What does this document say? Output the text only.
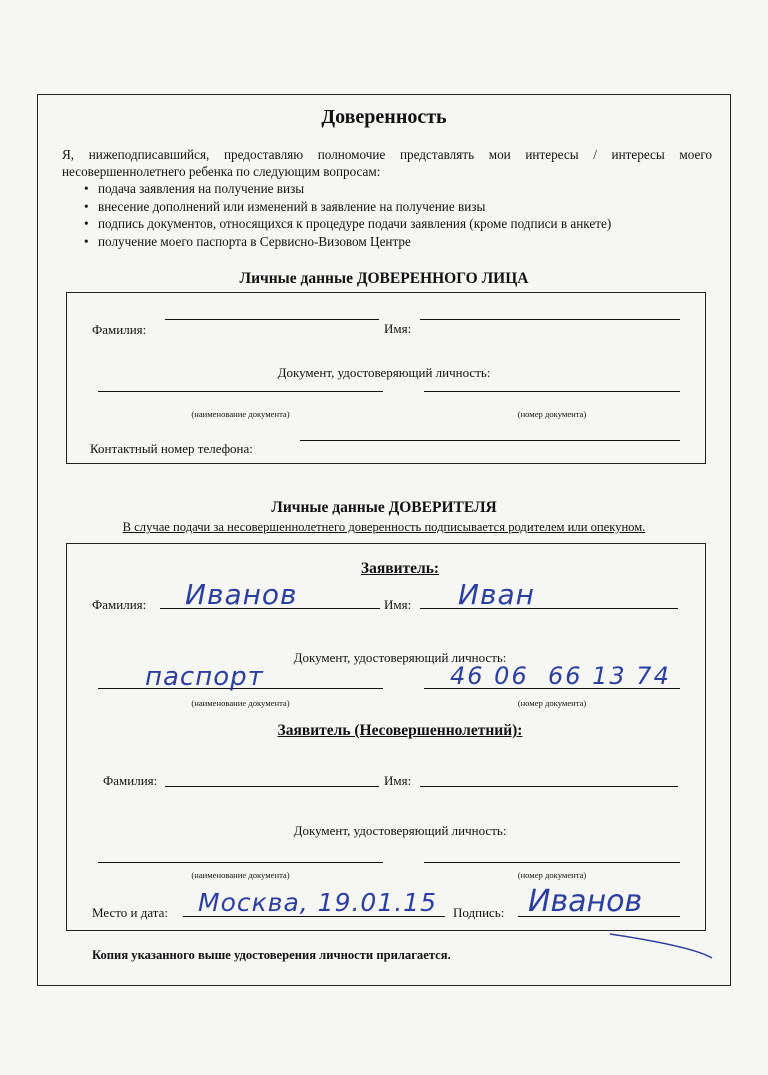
Доверенность

Я, нижеподписавшийся, предоставляю полномочие представлять мои интересы / интересы моего несовершеннолетнего ребенка по следующим вопросам:

• подача заявления на получение визы
• внесение дополнений или изменений в заявление на получение визы
• подпись документов, относящихся к процедуре подачи заявления (кроме подписи в анкете)
• получение моего паспорта в Сервисно-Визовом Центре
Личные данные ДОВЕРЕННОГО ЛИЦА
Фамилия:	Имя:
Документ, удостоверяющий личность:
(наименование документа)	(номер документа)
Контактный номер телефона:
Личные данные ДОВЕРИТЕЛЯ
В случае подачи за несовершеннолетнего доверенность подписывается родителем или опекуном.
Заявитель:
Фамилия: Иванов	Имя: Иван
Документ, удостоверяющий личность:
паспорт	46 06  66 13 74
(наименование документа)	(номер документа)
Заявитель (Несовершеннолетний):
Фамилия:	Имя:
Документ, удостоверяющий личность:
(наименование документа)	(номер документа)
Место и дата: Москва, 19.01.15 Подпись: Иванов
Копия указанного выше удостоверения личности прилагается.
